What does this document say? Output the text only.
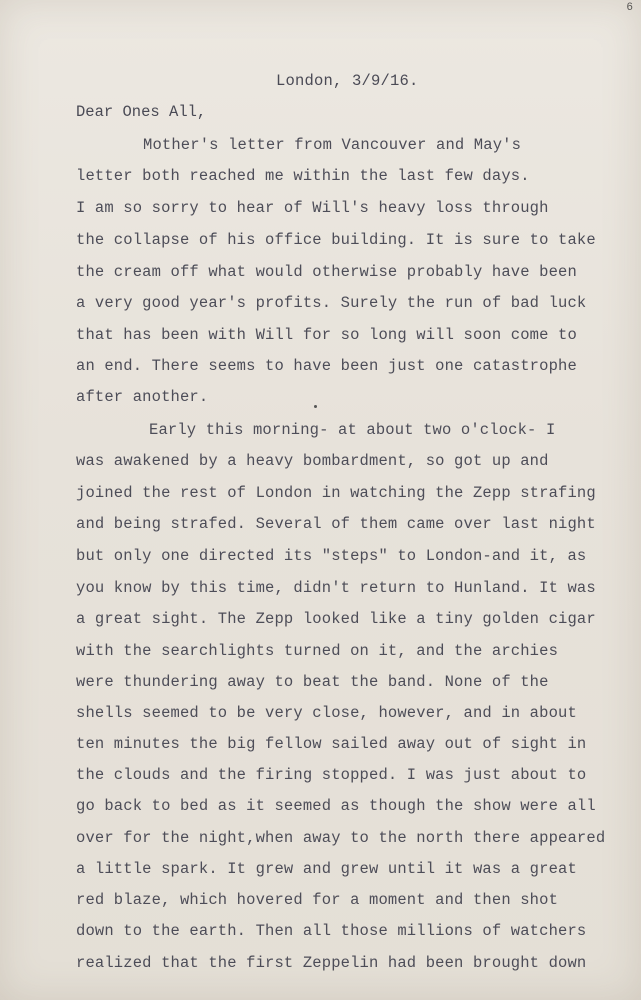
6
London, 3/9/16.
Dear Ones All,
Mother's letter from Vancouver and May's
letter both reached me within the last few days.
I am so sorry to hear of Will's heavy loss through
the collapse of his office building. It is sure to take
the cream off what would otherwise probably have been
a very good year's profits. Surely the run of bad luck
that has been with Will for so long will soon come to
an end. There seems to have been just one catastrophe
after another.
Early this morning- at about two o'clock- I
was awakened by a heavy bombardment, so got up and
joined the rest of London in watching the Zepp strafing
and being strafed. Several of them came over last night
but only one directed its "steps" to London-and it, as
you know by this time, didn't return to Hunland. It was
a great sight. The Zepp looked like a tiny golden cigar
with the searchlights turned on it, and the archies
were thundering away to beat the band. None of the
shells seemed to be very close, however, and in about
ten minutes the big fellow sailed away out of sight in
the clouds and the firing stopped. I was just about to
go back to bed as it seemed as though the show were all
over for the night,when away to the north there appeared
a little spark. It grew and grew until it was a great
red blaze, which hovered for a moment and then shot
down to the earth. Then all those millions of watchers
realized that the first Zeppelin had been brought down
